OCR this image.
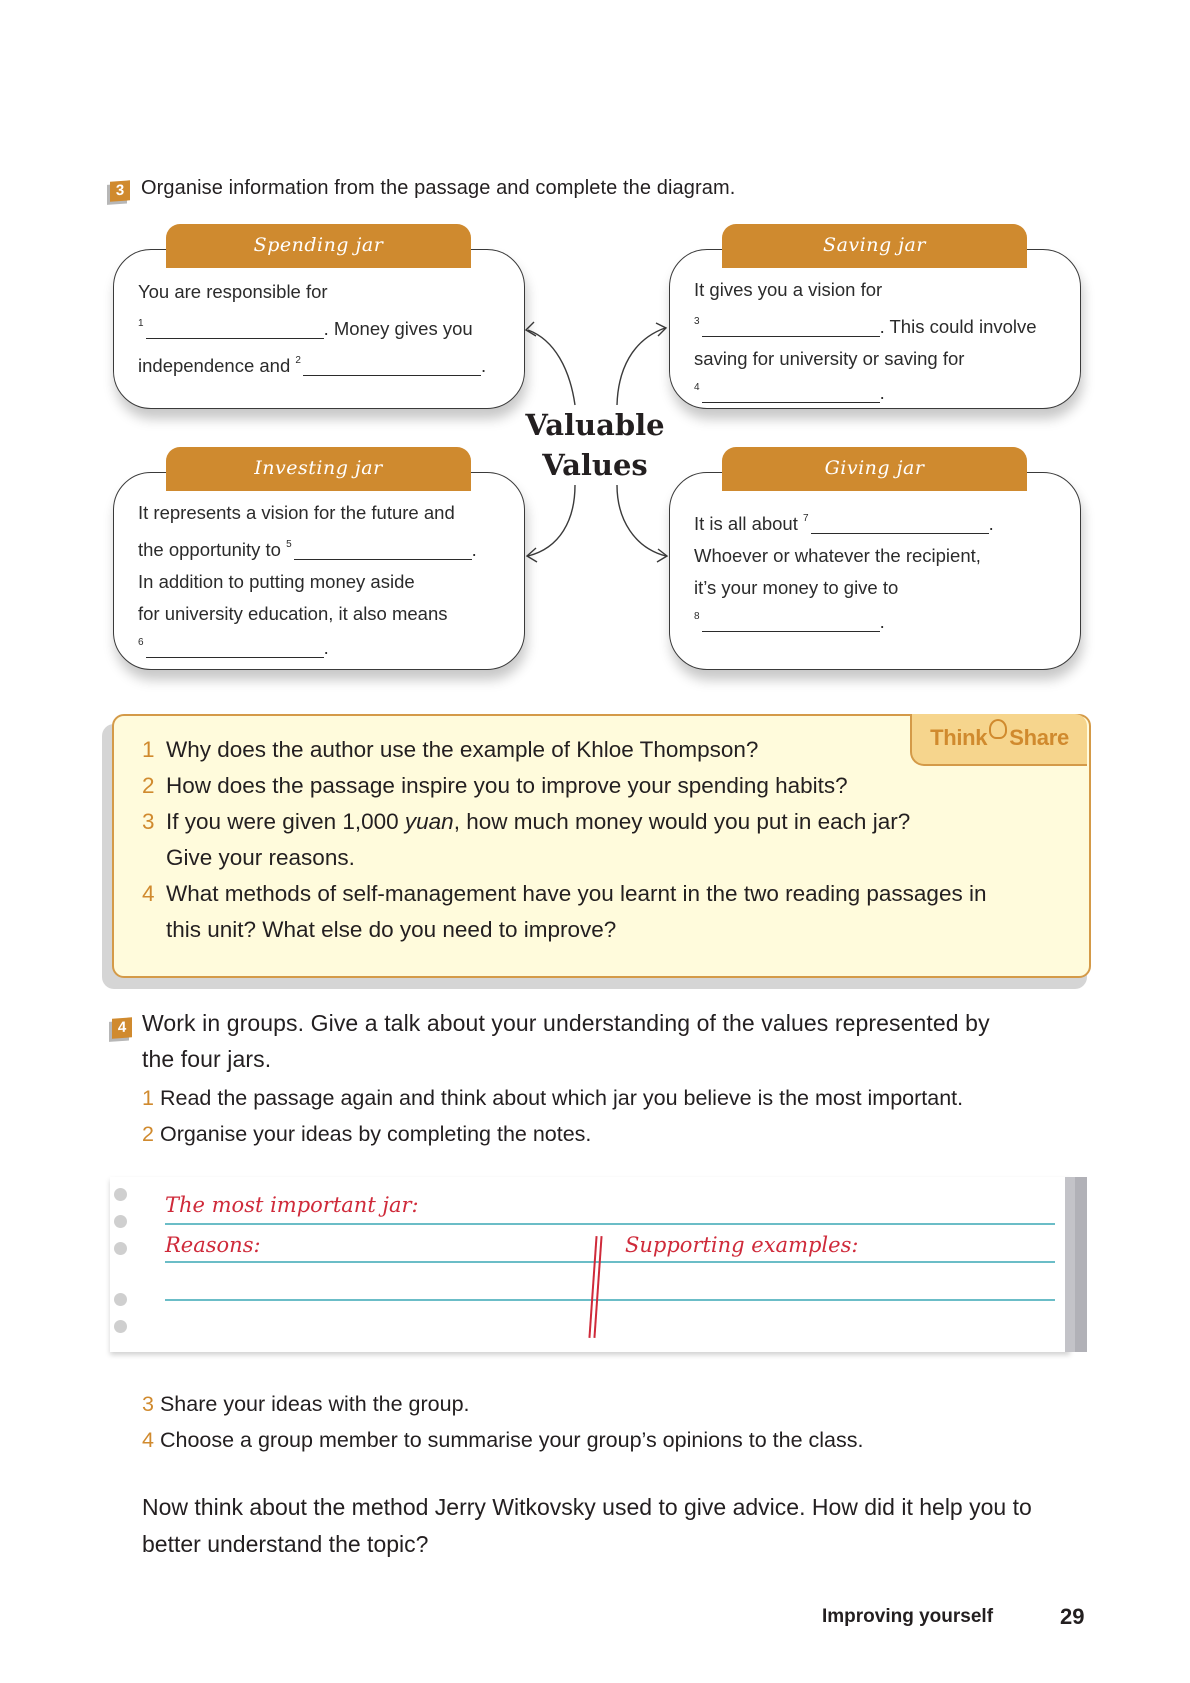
3 Organise information from the passage and complete the diagram.
You are responsible for
$^1$	. Money gives you
independence and $^2$	.
Spending jar
It gives you a vision for
$^3$	. This could involve
saving for university or saving for
$^4$	.
Saving jar
Valuable
Values
It represents a vision for the future and
the opportunity to $^5$	.
In addition to putting money aside
for university education, it also means
$^6$	.
Investing jar
It is all about $^7$	.
Whoever or whatever the recipient,
it’s your money to give to
$^8$	.
Giving jar
Think Share
1 Why does the author use the example of Khloe Thompson?
2 How does the passage inspire you to improve your spending habits?
3 If you were given 1,000 yuan, how much money would you put in each jar?
Give your reasons.
4 What methods of self-management have you learnt in the two reading passages in
this unit? What else do you need to improve?
4 Work in groups. Give a talk about your understanding of the values represented by
the four jars.
1 Read the passage again and think about which jar you believe is the most important.
2 Organise your ideas by completing the notes.
The most important jar:
Reasons:	Supporting examples:
3 Share your ideas with the group.
4 Choose a group member to summarise your group’s opinions to the class.
Now think about the method Jerry Witkovsky used to give advice. How did it help you to better understand the topic?
Improving yourself	29
